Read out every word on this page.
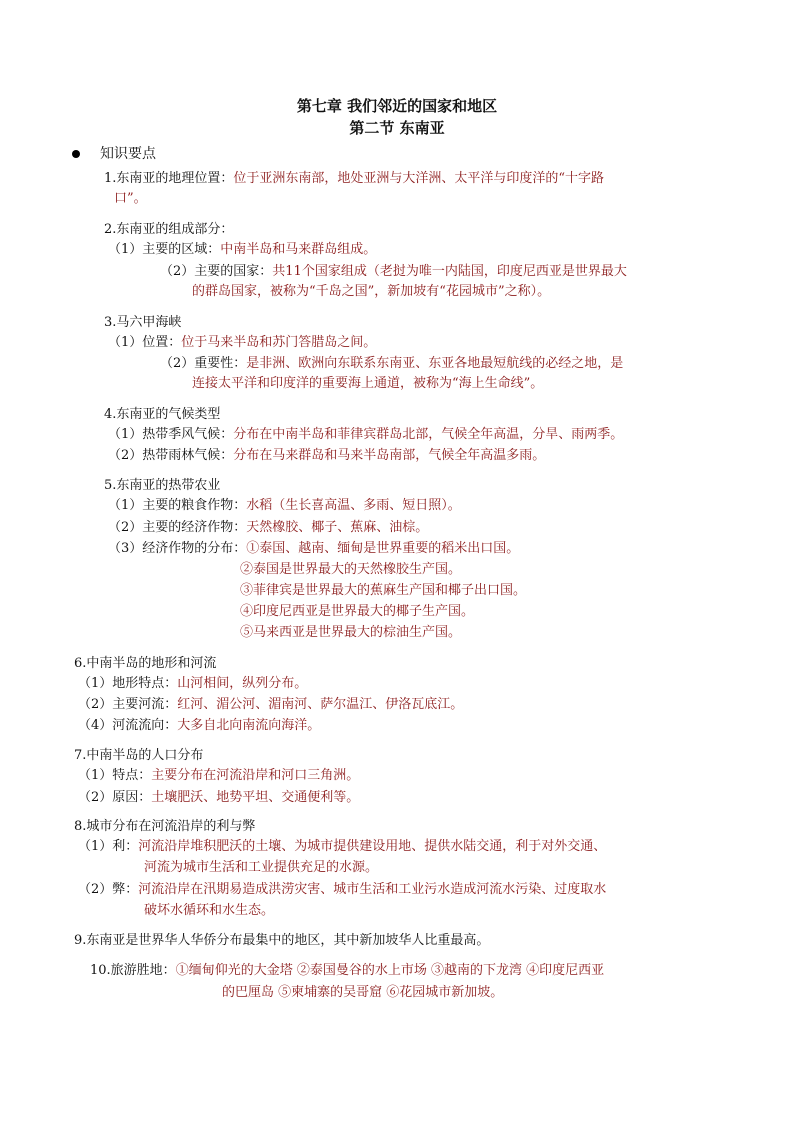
第七章 我们邻近的国家和地区
第二节 东南亚
知识要点
1.东南亚的地理位置：位于亚洲东南部，地处亚洲与大洋洲、太平洋与印度洋的“十字路
口”。
2.东南亚的组成部分：
（1）主要的区域：中南半岛和马来群岛组成。
（2）主要的国家：共11个国家组成（老挝为唯一内陆国，印度尼西亚是世界最大
的群岛国家，被称为“千岛之国”，新加坡有“花园城市”之称）。
3.马六甲海峡
（1）位置：位于马来半岛和苏门答腊岛之间。
（2）重要性：是非洲、欧洲向东联系东南亚、东亚各地最短航线的必经之地，是
连接太平洋和印度洋的重要海上通道，被称为“海上生命线”。
4.东南亚的气候类型
（1）热带季风气候：分布在中南半岛和菲律宾群岛北部，气候全年高温，分旱、雨两季。
（2）热带雨林气候：分布在马来群岛和马来半岛南部，气候全年高温多雨。
5.东南亚的热带农业
（1）主要的粮食作物：水稻（生长喜高温、多雨、短日照）。
（2）主要的经济作物：天然橡胶、椰子、蕉麻、油棕。
（3）经济作物的分布：①泰国、越南、缅甸是世界重要的稻米出口国。
②泰国是世界最大的天然橡胶生产国。
③菲律宾是世界最大的蕉麻生产国和椰子出口国。
④印度尼西亚是世界最大的椰子生产国。
⑤马来西亚是世界最大的棕油生产国。
6.中南半岛的地形和河流
（1）地形特点：山河相间，纵列分布。
（2）主要河流：红河、湄公河、湄南河、萨尔温江、伊洛瓦底江。
（4）河流流向：大多自北向南流向海洋。
7.中南半岛的人口分布
（1）特点：主要分布在河流沿岸和河口三角洲。
（2）原因：土壤肥沃、地势平坦、交通便利等。
8.城市分布在河流沿岸的利与弊
（1）利：河流沿岸堆积肥沃的土壤、为城市提供建设用地、提供水陆交通，利于对外交通、
河流为城市生活和工业提供充足的水源。
（2）弊：河流沿岸在汛期易造成洪涝灾害、城市生活和工业污水造成河流水污染、过度取水
破坏水循环和水生态。
9.东南亚是世界华人华侨分布最集中的地区，其中新加坡华人比重最高。
10.旅游胜地：①缅甸仰光的大金塔 ②泰国曼谷的水上市场 ③越南的下龙湾 ④印度尼西亚
的巴厘岛 ⑤柬埔寨的吴哥窟 ⑥花园城市新加坡。
